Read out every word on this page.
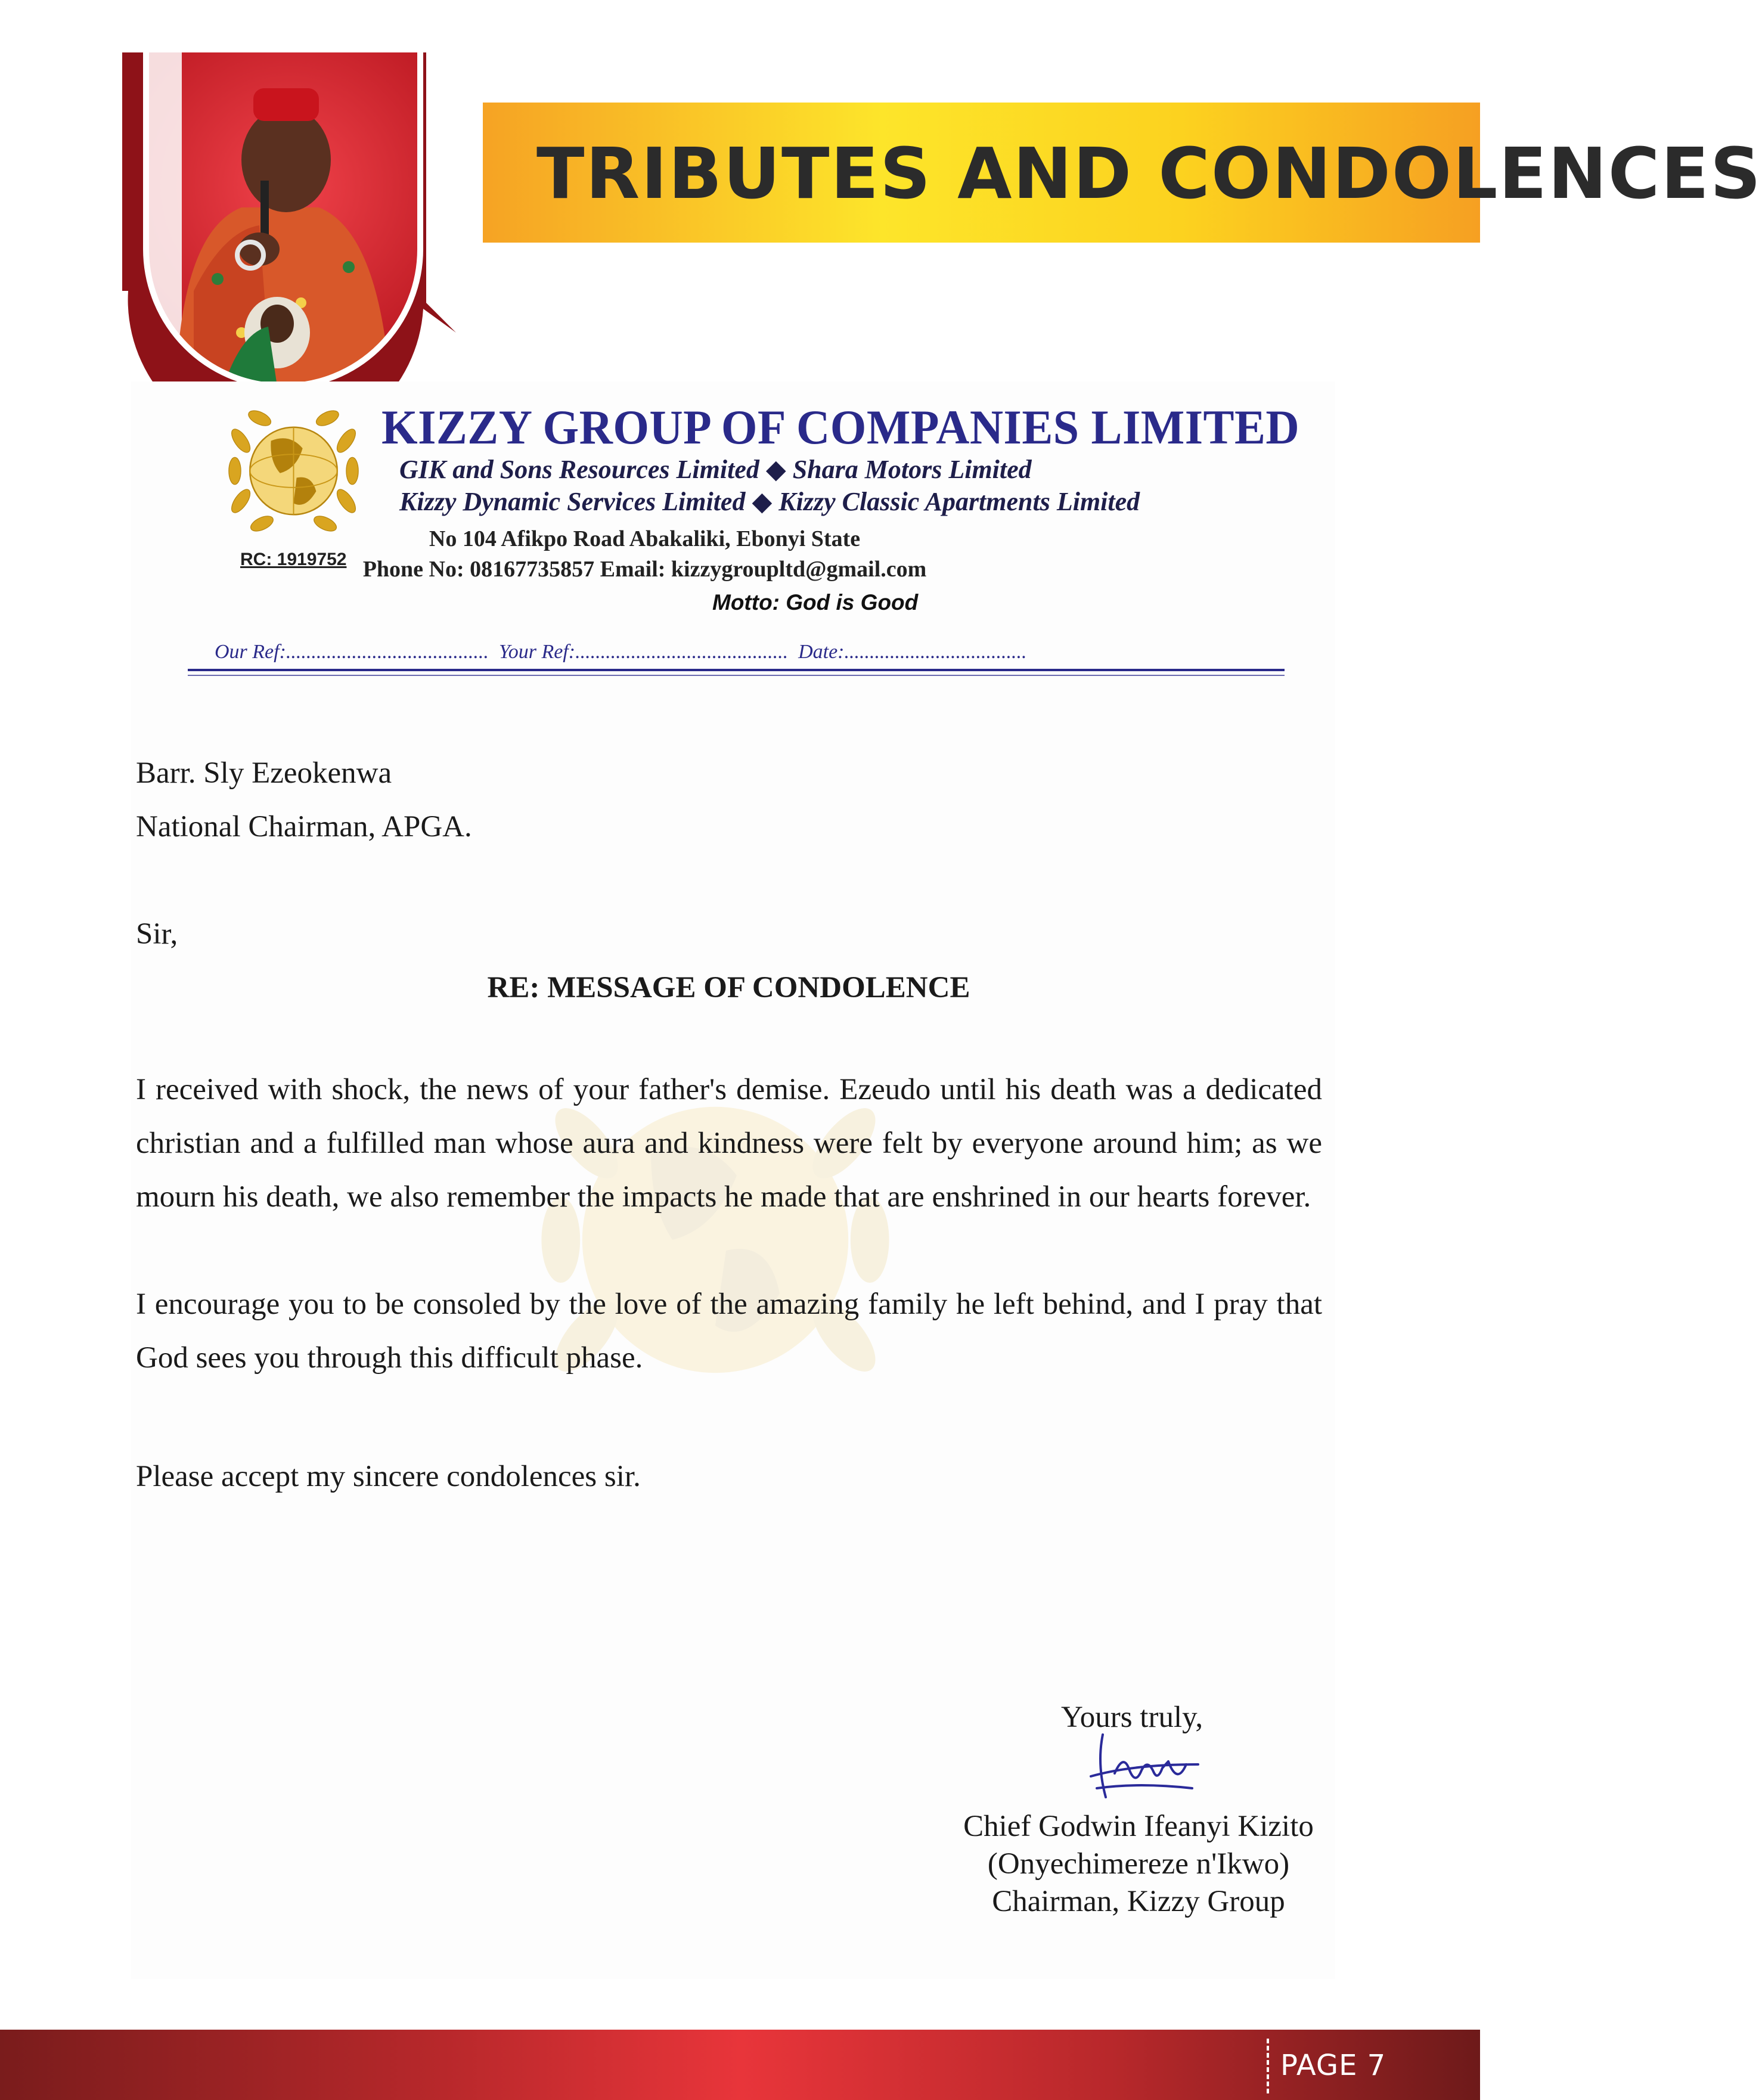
TRIBUTES AND CONDOLENCES
RC: 1919752
KIZZY GROUP OF COMPANIES LIMITED
GIK and Sons Resources Limited ◆ Shara Motors Limited
Kizzy Dynamic Services Limited ◆ Kizzy Classic Apartments Limited
No 104 Afikpo Road Abakaliki, Ebonyi State
Phone No: 08167735857 Email: kizzygroupltd@gmail.com
Motto: God is Good
Our Ref:........................................ Your Ref:.......................................... Date:....................................
Barr. Sly Ezeokenwa
National Chairman, APGA.
Sir,
RE: MESSAGE OF CONDOLENCE
I received with shock, the news of your father's demise. Ezeudo until his death was a dedicated christian and a fulfilled man whose aura and kindness were felt by everyone around him; as we mourn his death, we also remember the impacts he made that are enshrined in our hearts forever.
I encourage you to be consoled by the love of the amazing family he left behind, and I pray that God sees you through this difficult phase.
Please accept my sincere condolences sir.
Yours truly,
Chief Godwin Ifeanyi Kizito
(Onyechimereze n'Ikwo)
Chairman, Kizzy Group
PAGE 7
